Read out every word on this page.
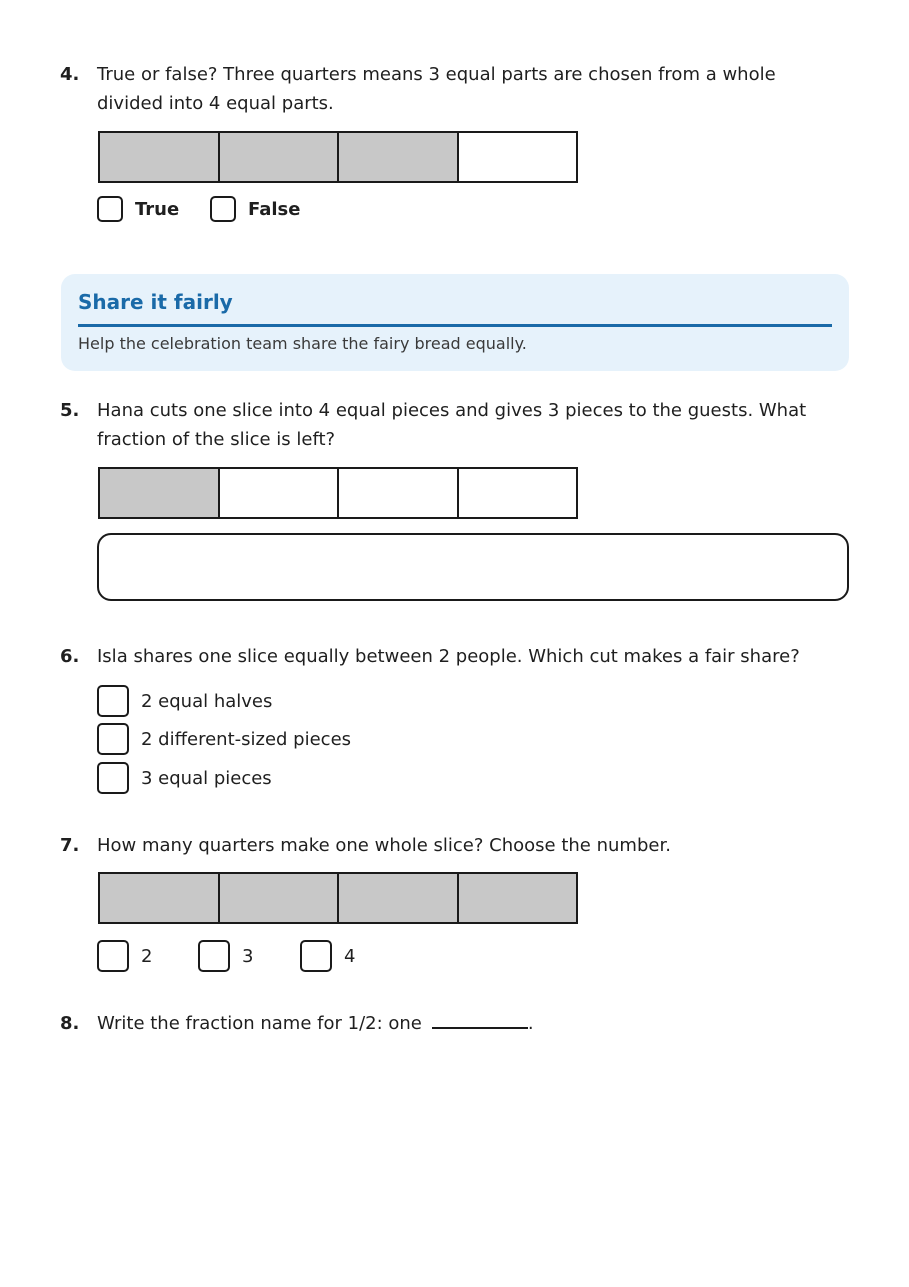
4. True or false? Three quarters means 3 equal parts are chosen from a whole divided into 4 equal parts.
True	False
Share it fairly
Help the celebration team share the fairy bread equally.
5. Hana cuts one slice into 4 equal pieces and gives 3 pieces to the guests. What fraction of the slice is left?
6. Isla shares one slice equally between 2 people. Which cut makes a fair share?
2 equal halves
2 different-sized pieces
3 equal pieces
7. How many quarters make one whole slice? Choose the number.
2	3	4
8. Write the fraction name for 1/2: one	.
